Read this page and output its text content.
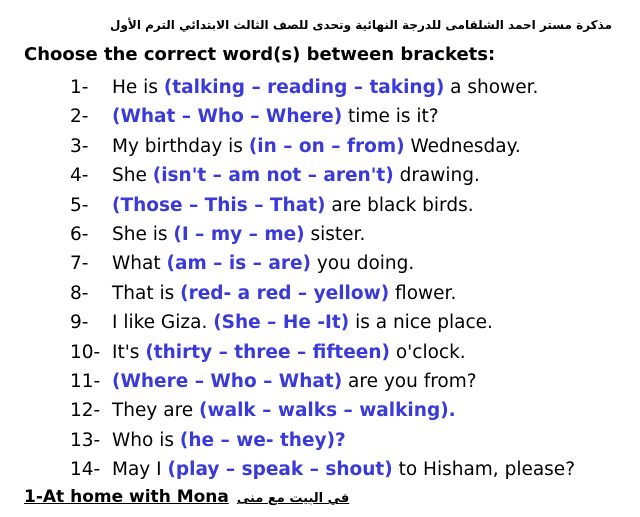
مذكرة مستر احمد الشلقامى للدرجة النهائية وتحدى للصف الثالث الابتدائي الترم الأول
Choose the correct word(s) between brackets:
1- He is (talking – reading – taking) a shower.
2- (What – Who – Where) time is it?
3- My birthday is (in – on – from) Wednesday.
4- She (isn't – am not – aren't) drawing.
5- (Those – This – That) are black birds.
6- She is (I – my – me) sister.
7- What (am – is – are) you doing.
8- That is (red- a red – yellow) flower.
9- I like Giza. (She – He -It) is a nice place.
10- It's (thirty – three – fifteen) o'clock.
11- (Where – Who – What) are you from?
12- They are (walk – walks – walking).
13- Who is (he – we- they)?
14- May I (play – speak – shout) to Hisham, please?
1-At home with Mona في البيت مع منى
